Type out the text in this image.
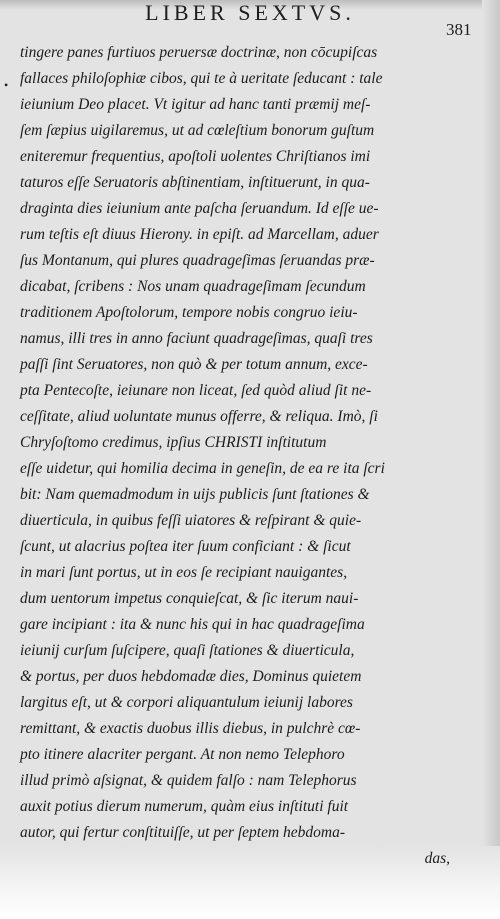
LIBER SEXTVS.
381
•
tingere panes furtiuos peruersæ doctrinæ, non cōcupiſcas
fallaces philoſophiæ cibos, qui te à ueritate ſeducant : tale
ieiunium Deo placet. Vt igitur ad hanc tanti præmij meſ-
ſem ſæpius uigilaremus, ut ad cœleſtium bonorum guſtum
eniteremur frequentius, apoſtoli uolentes Chriſtianos imi
taturos eſſe Seruatoris abſtinentiam, inſtituerunt, in qua-
draginta dies ieiunium ante paſcha ſeruandum. Id eſſe ue-
rum teſtis eſt diuus Hierony. in epiſt. ad Marcellam, aduer
ſus Montanum, qui plures quadrageſimas ſeruandas præ-
dicabat, ſcribens : Nos unam quadrageſimam ſecundum
traditionem Apoſtolorum, tempore nobis congruo ieiu-
namus, illi tres in anno faciunt quadrageſimas, quaſi tres
paſſi ſint Seruatores, non quò & per totum annum, exce-
pta Pentecoſte, ieiunare non liceat, ſed quòd aliud ſit ne-
ceſſitate, aliud uoluntate munus offerre, & reliqua. Imò, ſi
Chryſoſtomo credimus, ipſius CHRISTI inſtitutum
eſſe uidetur, qui homilia decima in geneſin, de ea re ita ſcri
bit: Nam quemadmodum in uijs publicis ſunt ſtationes &
diuerticula, in quibus feſſi uiatores & reſpirant & quie-
ſcunt, ut alacrius poſtea iter ſuum conficiant : & ſicut
in mari ſunt portus, ut in eos ſe recipiant nauigantes,
dum uentorum impetus conquieſcat, & ſic iterum naui-
gare incipiant : ita & nunc his qui in hac quadrageſima
ieiunij curſum ſuſcipere, quaſi ſtationes & diuerticula,
& portus, per duos hebdomadæ dies, Dominus quietem
largitus eſt, ut & corpori aliquantulum ieiunij labores
remittant, & exactis duobus illis diebus, in pulchrè cœ-
pto itinere alacriter pergant. At non nemo Telephoro
illud primò aſsignat, & quidem falſo : nam Telephorus
auxit potius dierum numerum, quàm eius inſtituti fuit
autor, qui fertur conſtituiſſe, ut per ſeptem hebdoma-
das,
